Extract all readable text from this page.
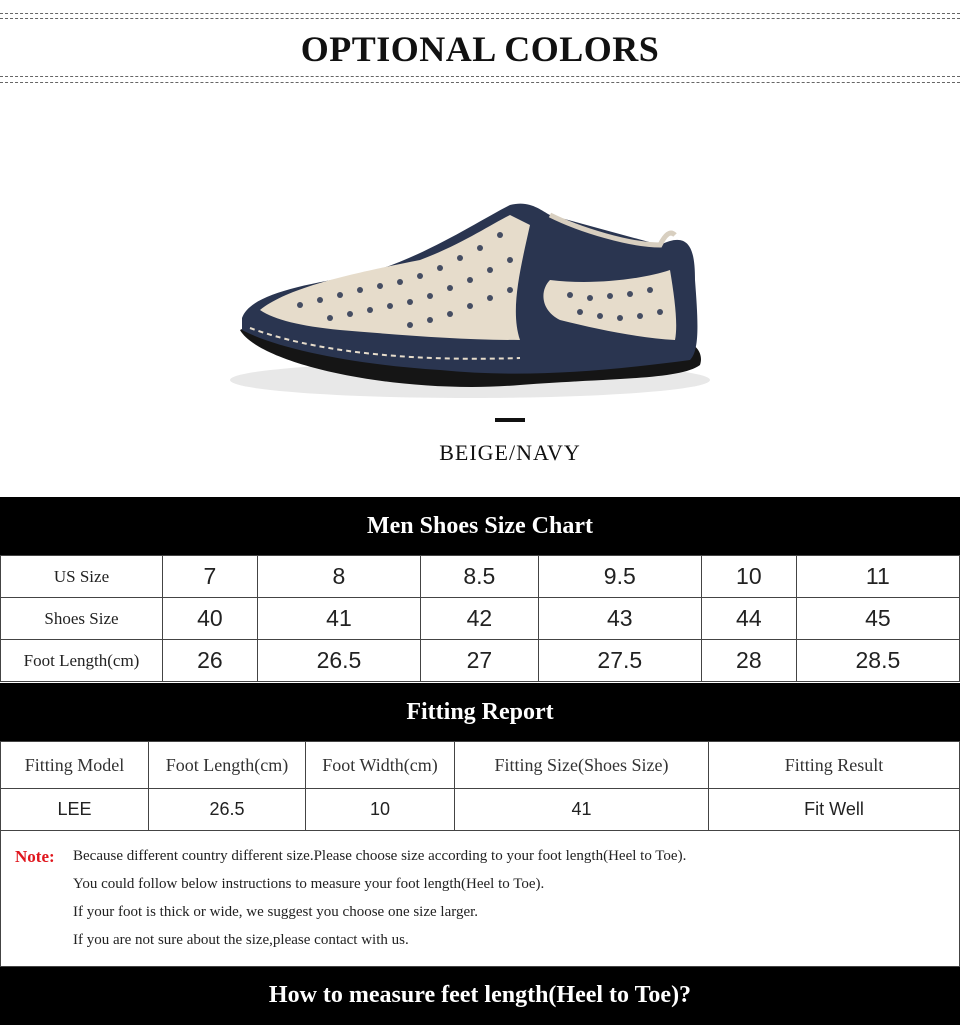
OPTIONAL COLORS
BEIGE/NAVY
Men Shoes Size Chart
US Size	7	8	8.5	9.5	10	11
Shoes Size	40	41	42	43	44	45
Foot Length(cm)	26	26.5	27	27.5	28	28.5
Fitting Report
Fitting Model	Foot Length(cm)	Foot Width(cm)	Fitting Size(Shoes Size)	Fitting Result
LEE	26.5	10	41	Fit Well
Note: Because different country different size.Please choose size according to your foot length(Heel to Toe).
You could follow below instructions to measure your foot length(Heel to Toe).
If your foot is thick or wide, we suggest you choose one size larger.
If you are not sure about the size,please contact with us.
How to measure feet length(Heel to Toe)?
